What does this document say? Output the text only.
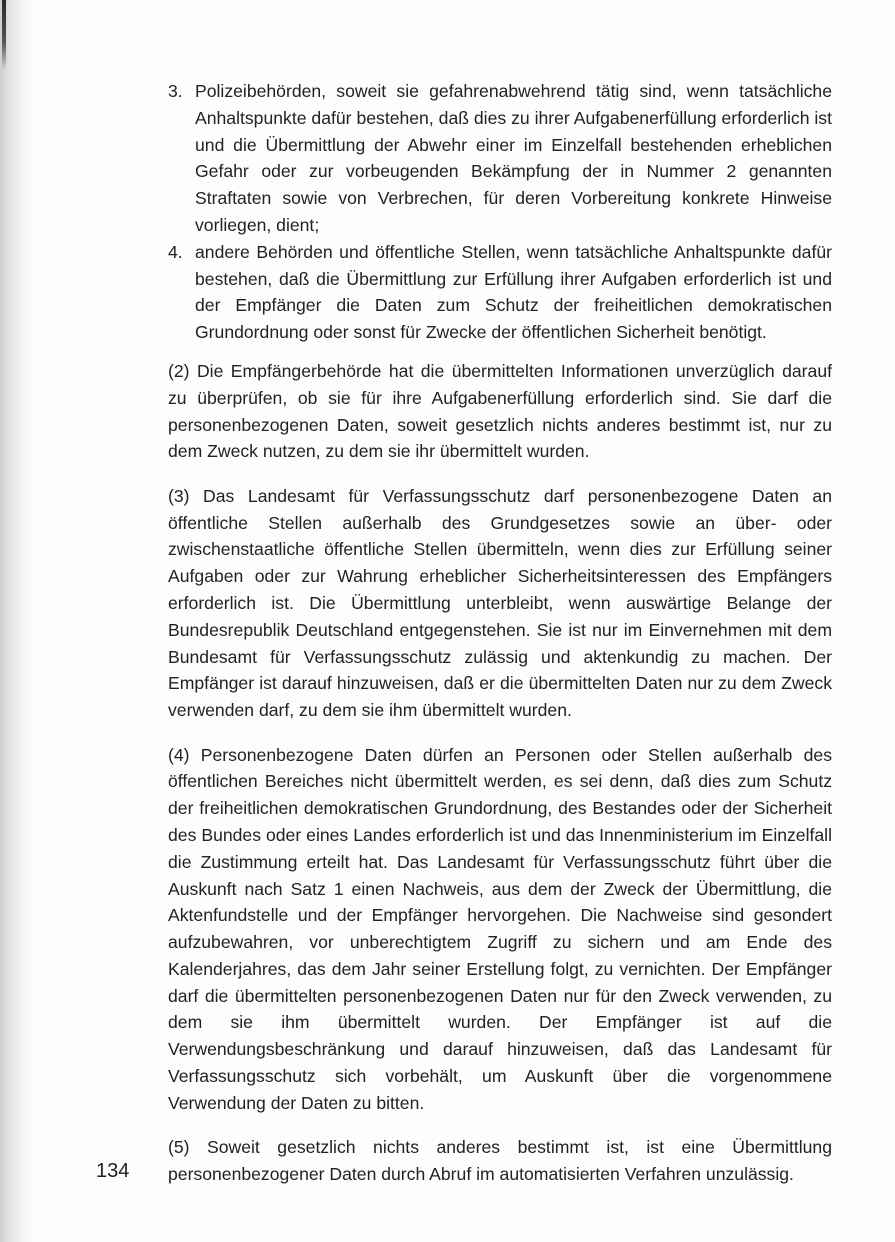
3. Polizeibehörden, soweit sie gefahrenabwehrend tätig sind, wenn tatsächliche Anhaltspunkte dafür bestehen, daß dies zu ihrer Aufgabenerfüllung erforderlich ist und die Übermittlung der Abwehr einer im Einzelfall bestehenden erheblichen Gefahr oder zur vorbeugenden Bekämpfung der in Nummer 2 genannten Straftaten sowie von Verbrechen, für deren Vorbereitung konkrete Hinweise vorliegen, dient;
4. andere Behörden und öffentliche Stellen, wenn tatsächliche Anhaltspunkte dafür bestehen, daß die Übermittlung zur Erfüllung ihrer Aufgaben erforderlich ist und der Empfänger die Daten zum Schutz der freiheitlichen demokratischen Grundordnung oder sonst für Zwecke der öffentlichen Sicherheit benötigt.

(2) Die Empfängerbehörde hat die übermittelten Informationen unverzüglich darauf zu überprüfen, ob sie für ihre Aufgabenerfüllung erforderlich sind. Sie darf die personenbezogenen Daten, soweit gesetzlich nichts anderes bestimmt ist, nur zu dem Zweck nutzen, zu dem sie ihr übermittelt wurden.

(3) Das Landesamt für Verfassungsschutz darf personenbezogene Daten an öffentliche Stellen außerhalb des Grundgesetzes sowie an über- oder zwischenstaatliche öffentliche Stellen übermitteln, wenn dies zur Erfüllung seiner Aufgaben oder zur Wahrung erheblicher Sicherheitsinteressen des Empfängers erforderlich ist. Die Übermittlung unterbleibt, wenn auswärtige Belange der Bundesrepublik Deutschland entgegenstehen. Sie ist nur im Einvernehmen mit dem Bundesamt für Verfassungsschutz zulässig und aktenkundig zu machen. Der Empfänger ist darauf hinzuweisen, daß er die übermittelten Daten nur zu dem Zweck verwenden darf, zu dem sie ihm übermittelt wurden.

(4) Personenbezogene Daten dürfen an Personen oder Stellen außerhalb des öffentlichen Bereiches nicht übermittelt werden, es sei denn, daß dies zum Schutz der freiheitlichen demokratischen Grundordnung, des Bestandes oder der Sicherheit des Bundes oder eines Landes erforderlich ist und das Innenministerium im Einzelfall die Zustimmung erteilt hat. Das Landesamt für Verfassungsschutz führt über die Auskunft nach Satz 1 einen Nachweis, aus dem der Zweck der Übermittlung, die Aktenfundstelle und der Empfänger hervorgehen. Die Nachweise sind gesondert aufzubewahren, vor unberechtigtem Zugriff zu sichern und am Ende des Kalenderjahres, das dem Jahr seiner Erstellung folgt, zu vernichten. Der Empfänger darf die übermittelten personenbezogenen Daten nur für den Zweck verwenden, zu dem sie ihm übermittelt wurden. Der Empfänger ist auf die Verwendungsbeschränkung und darauf hinzuweisen, daß das Landesamt für Verfassungsschutz sich vorbehält, um Auskunft über die vorgenommene Verwendung der Daten zu bitten.

(5) Soweit gesetzlich nichts anderes bestimmt ist, ist eine Übermittlung personenbezogener Daten durch Abruf im automatisierten Verfahren unzulässig.

134
